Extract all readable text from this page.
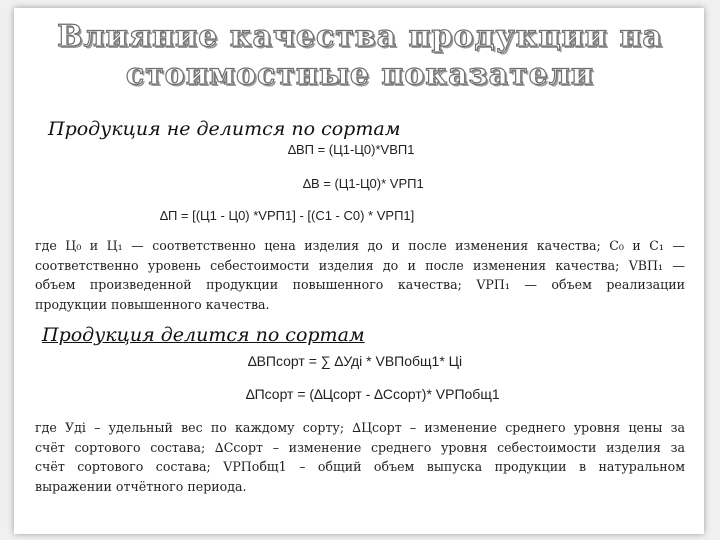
Влияние качества продукции на
стоимостные показатели
Продукция не делится по сортам
∆ВП = (Ц1-Ц0)*VВП1
∆В = (Ц1-Ц0)* VРП1
∆П = [(Ц1 - Ц0) *VРП1] - [(С1 - С0) * VРП1]
где Ц₀ и Ц₁ — соответственно цена изделия до и после изменения качества; С₀ и С₁ —
соответственно уровень себестоимости изделия до и после изменения качества; VВП₁ —
объем произведенной продукции повышенного качества; VРП₁ — объем реализации
продукции повышенного качества.
Продукция делится по сортам
∆ВПсорт = ∑ ∆Удi * VВПобщ1* Цi
∆Псорт = (∆Цсорт - ∆Ссорт)* VРПобщ1
где Удi – удельный вес по каждому сорту; ∆Цсорт – изменение среднего уровня цены за
счёт сортового состава; ∆Ссорт – изменение среднего уровня себестоимости изделия за
счёт сортового состава; VРПобщ1 – общий объем выпуска продукции в натуральном
выражении отчётного периода.
